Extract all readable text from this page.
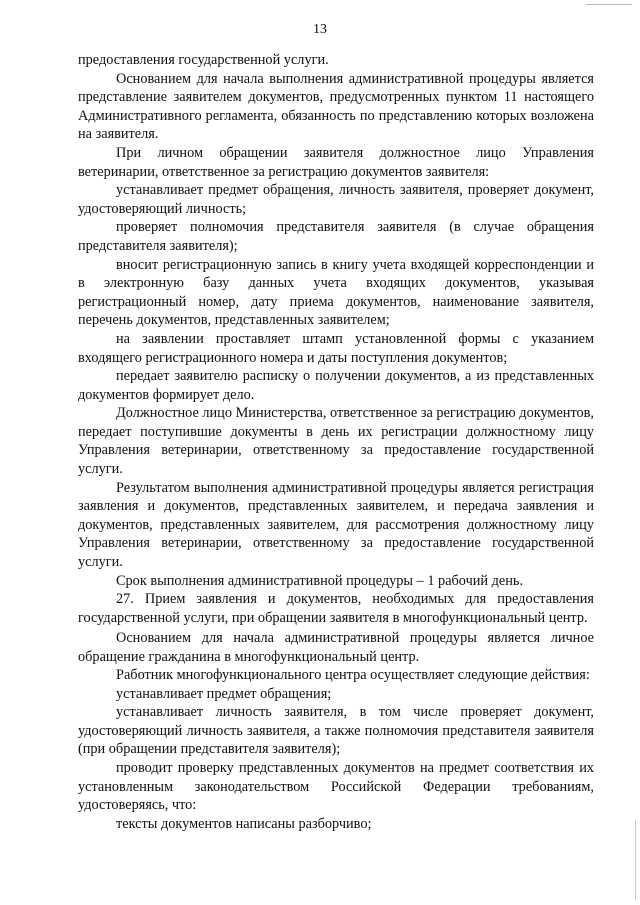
13

предоставления государственной услуги.

Основанием для начала выполнения административной процедуры является представление заявителем документов, предусмотренных пунктом 11 настоящего Административного регламента, обязанность по представлению которых возложена на заявителя.

При личном обращении заявителя должностное лицо Управления ветеринарии, ответственное за регистрацию документов заявителя:

устанавливает предмет обращения, личность заявителя, проверяет документ, удостоверяющий личность;

проверяет полномочия представителя заявителя (в случае обращения представителя заявителя);

вносит регистрационную запись в книгу учета входящей корреспонденции и в электронную базу данных учета входящих документов, указывая регистрационный номер, дату приема документов, наименование заявителя, перечень документов, представленных заявителем;

на заявлении проставляет штамп установленной формы с указанием входящего регистрационного номера и даты поступления документов;

передает заявителю расписку о получении документов, а из представленных документов формирует дело.

Должностное лицо Министерства, ответственное за регистрацию документов, передает поступившие документы в день их регистрации должностному лицу Управления ветеринарии, ответственному за предоставление государственной услуги.

Результатом выполнения административной процедуры является регистрация заявления и документов, представленных заявителем, и передача заявления и документов, представленных заявителем, для рассмотрения должностному лицу Управления ветеринарии, ответственному за предоставление государственной услуги.

Срок выполнения административной процедуры – 1 рабочий день.

27. Прием заявления и документов, необходимых для предоставления государственной услуги, при обращении заявителя в многофункциональный центр.

Основанием для начала административной процедуры является личное обращение гражданина в многофункциональный центр.

Работник многофункционального центра осуществляет следующие действия:

устанавливает предмет обращения;

устанавливает личность заявителя, в том числе проверяет документ, удостоверяющий личность заявителя, а также полномочия представителя заявителя (при обращении представителя заявителя);

проводит проверку представленных документов на предмет соответствия их установленным законодательством Российской Федерации требованиям, удостоверяясь, что:

тексты документов написаны разборчиво;
